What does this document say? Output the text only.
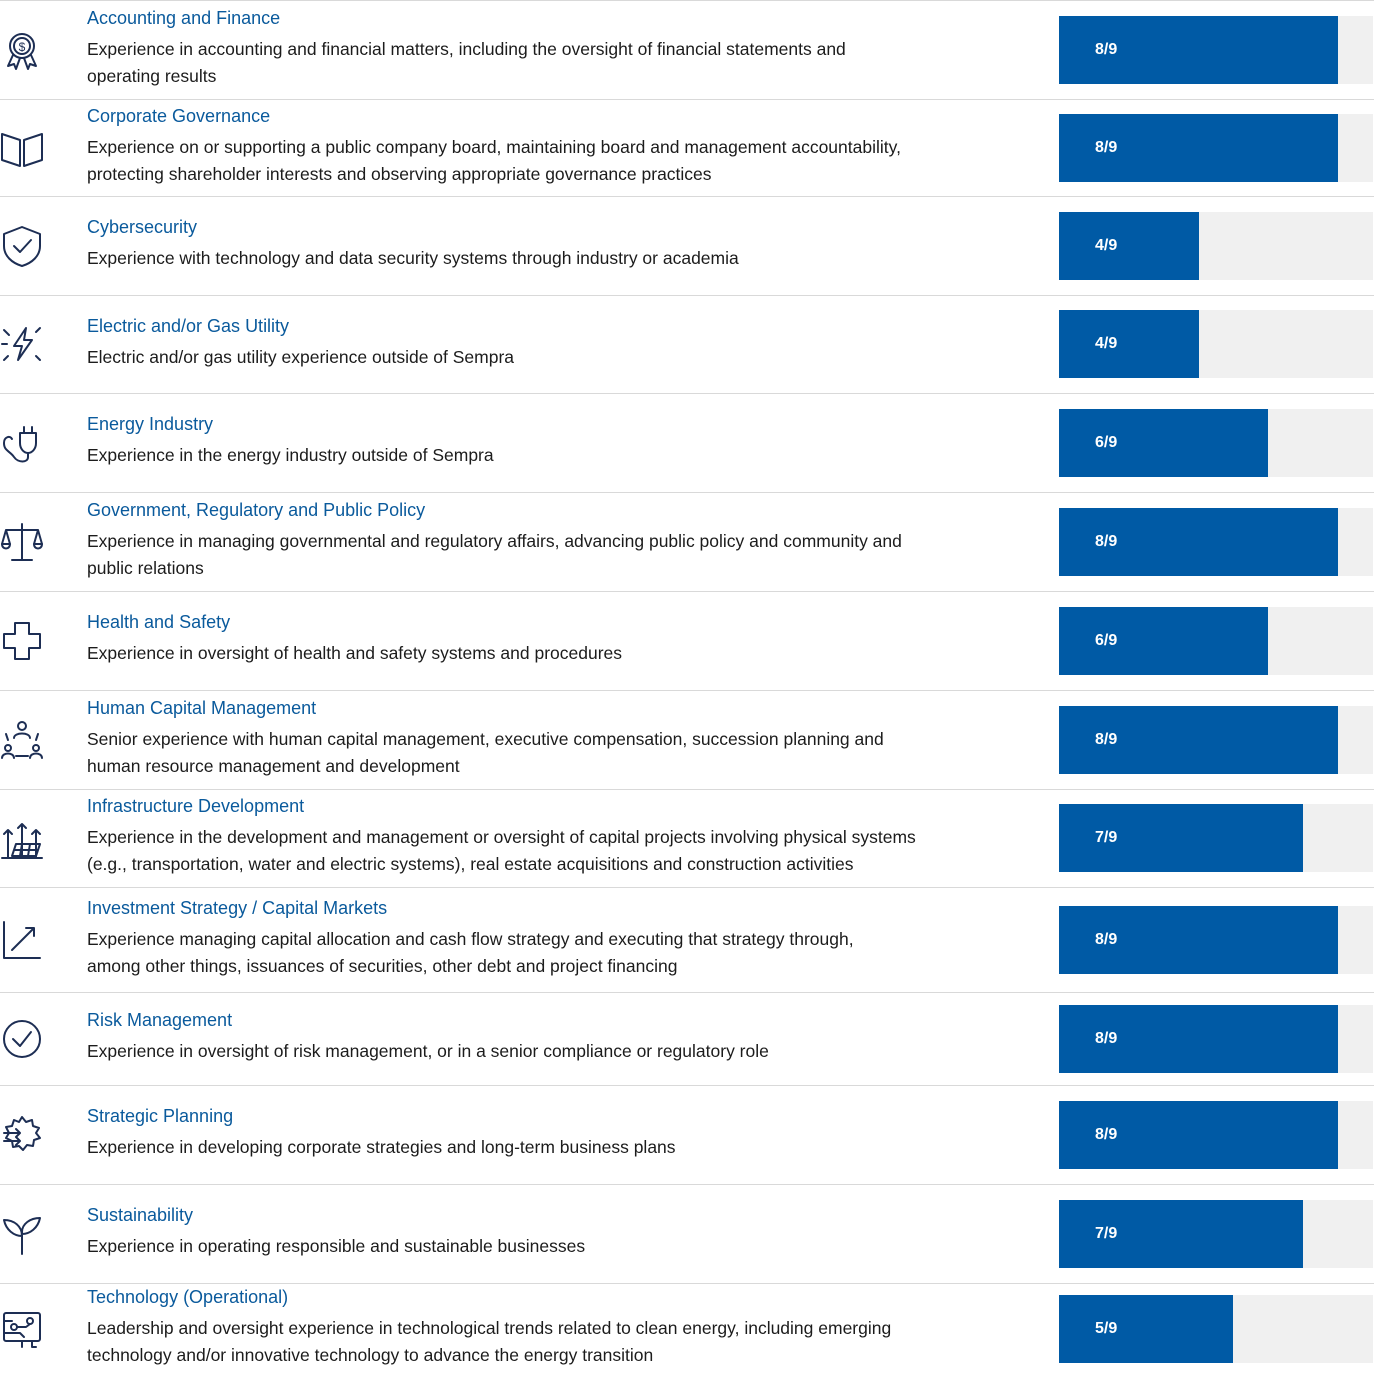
$
Accounting and Finance
Experience in accounting and financial matters, including the oversight of financial statements and
operating results
8/9
Corporate Governance
Experience on or supporting a public company board, maintaining board and management accountability,
protecting shareholder interests and observing appropriate governance practices
8/9
Cybersecurity
Experience with technology and data security systems through industry or academia
4/9
Electric and/or Gas Utility
Electric and/or gas utility experience outside of Sempra
4/9
Energy Industry
Experience in the energy industry outside of Sempra
6/9
Government, Regulatory and Public Policy
Experience in managing governmental and regulatory affairs, advancing public policy and community and
public relations
8/9
Health and Safety
Experience in oversight of health and safety systems and procedures
6/9
Human Capital Management
Senior experience with human capital management, executive compensation, succession planning and
human resource management and development
8/9
Infrastructure Development
Experience in the development and management or oversight of capital projects involving physical systems
(e.g., transportation, water and electric systems), real estate acquisitions and construction activities
7/9
Investment Strategy / Capital Markets
Experience managing capital allocation and cash flow strategy and executing that strategy through,
among other things, issuances of securities, other debt and project financing
8/9
Risk Management
Experience in oversight of risk management, or in a senior compliance or regulatory role
8/9
Strategic Planning
Experience in developing corporate strategies and long-term business plans
8/9
Sustainability
Experience in operating responsible and sustainable businesses
7/9
Technology (Operational)
Leadership and oversight experience in technological trends related to clean energy, including emerging
technology and/or innovative technology to advance the energy transition
5/9
